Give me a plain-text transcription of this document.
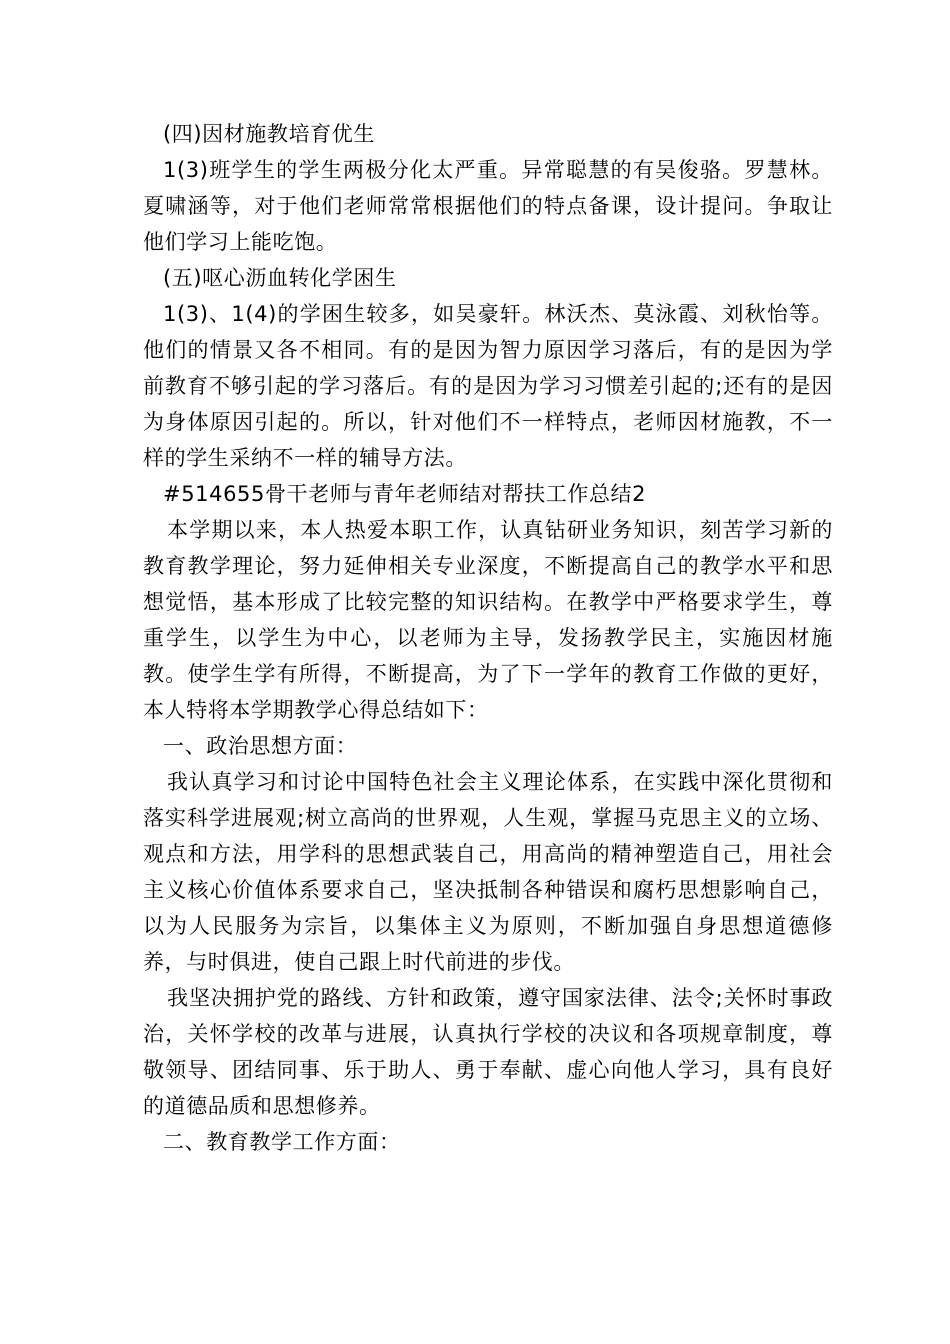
(四)因材施教培育优生

1(3)班学生的学生两极分化太严重。异常聪慧的有吴俊骆。罗慧林。夏啸涵等，对于他们老师常常根据他们的特点备课，设计提问。争取让他们学习上能吃饱。

(五)呕心沥血转化学困生

1(3)、1(4)的学困生较多，如吴豪轩。林沃杰、莫泳霞、刘秋怡等。他们的情景又各不相同。有的是因为智力原因学习落后，有的是因为学前教育不够引起的学习落后。有的是因为学习习惯差引起的;还有的是因为身体原因引起的。所以，针对他们不一样特点，老师因材施教，不一样的学生采纳不一样的辅导方法。

#514655骨干老师与青年老师结对帮扶工作总结2

本学期以来，本人热爱本职工作，认真钻研业务知识，刻苦学习新的教育教学理论，努力延伸相关专业深度，不断提高自己的教学水平和思想觉悟，基本形成了比较完整的知识结构。在教学中严格要求学生，尊重学生，以学生为中心，以老师为主导，发扬教学民主，实施因材施教。使学生学有所得，不断提高，为了下一学年的教育工作做的更好，本人特将本学期教学心得总结如下：

一、政治思想方面：

我认真学习和讨论中国特色社会主义理论体系，在实践中深化贯彻和落实科学进展观;树立高尚的世界观，人生观，掌握马克思主义的立场、观点和方法，用学科的思想武装自己，用高尚的精神塑造自己，用社会主义核心价值体系要求自己，坚决抵制各种错误和腐朽思想影响自己，以为人民服务为宗旨，以集体主义为原则，不断加强自身思想道德修养，与时俱进，使自己跟上时代前进的步伐。

我坚决拥护党的路线、方针和政策，遵守国家法律、法令;关怀时事政治，关怀学校的改革与进展，认真执行学校的决议和各项规章制度，尊敬领导、团结同事、乐于助人、勇于奉献、虚心向他人学习，具有良好的道德品质和思想修养。

二、教育教学工作方面：
